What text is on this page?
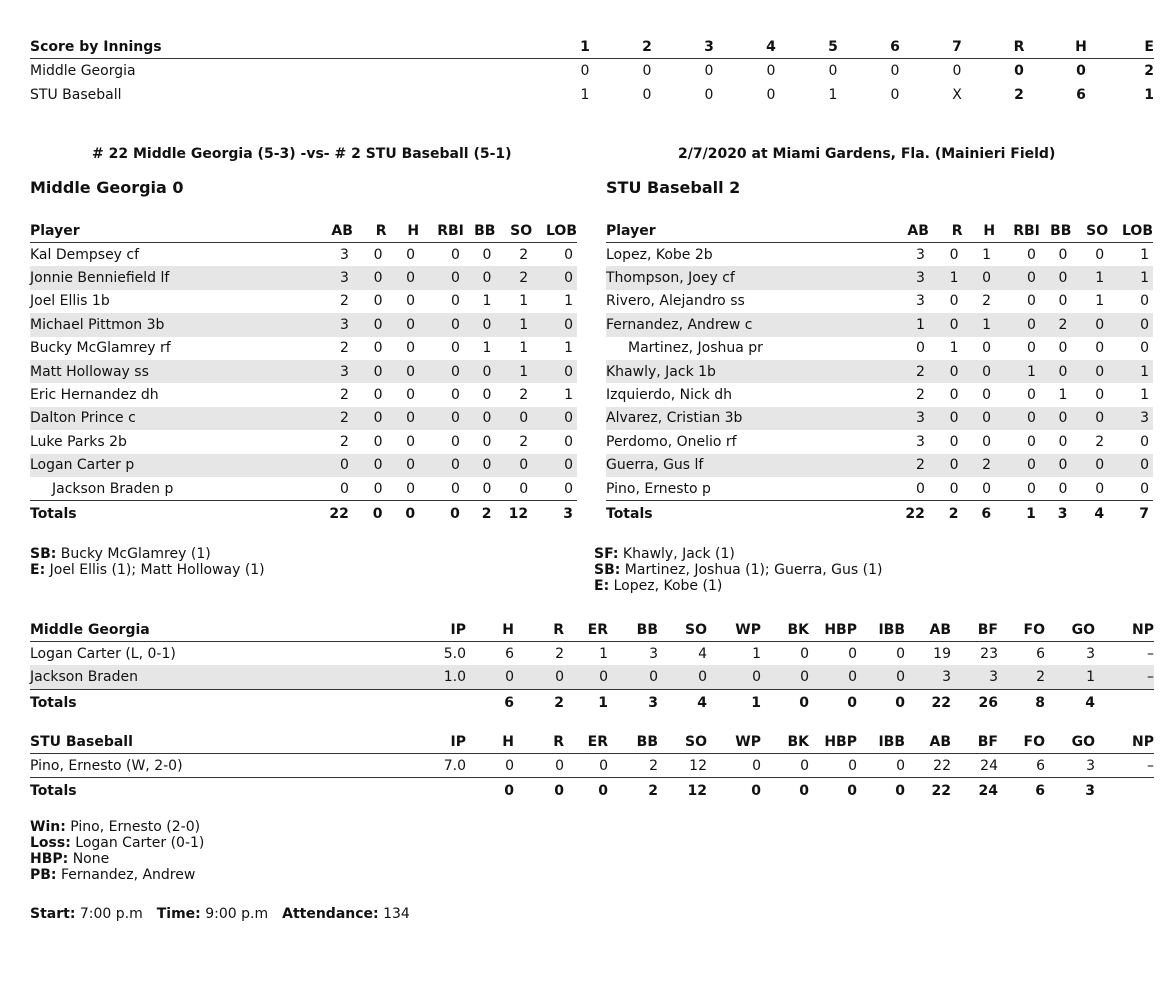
Score by Innings	1	2	3	4	5	6	7	R	H	E
Middle Georgia	0	0	0	0	0	0	0	0	0	2
STU Baseball	1	0	0	0	1	0	X	2	6	1
# 22 Middle Georgia (5-3) -vs- # 2 STU Baseball (5-1)	2/7/2020 at Miami Gardens, Fla. (Mainieri Field)
Middle Georgia 0	STU Baseball 2
Player	AB	R	H	RBI	BB	SO	LOB
Kal Dempsey cf	3	0	0	0	0	2	0
Jonnie Benniefield lf	3	0	0	0	0	2	0
Joel Ellis 1b	2	0	0	0	1	1	1
Michael Pittmon 3b	3	0	0	0	0	1	0
Bucky McGlamrey rf	2	0	0	0	1	1	1
Matt Holloway ss	3	0	0	0	0	1	0
Eric Hernandez dh	2	0	0	0	0	2	1
Dalton Prince c	2	0	0	0	0	0	0
Luke Parks 2b	2	0	0	0	0	2	0
Logan Carter p	0	0	0	0	0	0	0
Jackson Braden p	0	0	0	0	0	0	0
Totals	22	0	0	0	2	12	3
Player	AB	R	H	RBI	BB	SO	LOB
Lopez, Kobe 2b	3	0	1	0	0	0	1
Thompson, Joey cf	3	1	0	0	0	1	1
Rivero, Alejandro ss	3	0	2	0	0	1	0
Fernandez, Andrew c	1	0	1	0	2	0	0
Martinez, Joshua pr	0	1	0	0	0	0	0
Khawly, Jack 1b	2	0	0	1	0	0	1
Izquierdo, Nick dh	2	0	0	0	1	0	1
Alvarez, Cristian 3b	3	0	0	0	0	0	3
Perdomo, Onelio rf	3	0	0	0	0	2	0
Guerra, Gus lf	2	0	2	0	0	0	0
Pino, Ernesto p	0	0	0	0	0	0	0
Totals	22	2	6	1	3	4	7
SB: Bucky McGlamrey (1)
E: Joel Ellis (1); Matt Holloway (1)
SF: Khawly, Jack (1)
SB: Martinez, Joshua (1); Guerra, Gus (1)
E: Lopez, Kobe (1)
Middle Georgia	IP	H	R	ER	BB	SO	WP	BK	HBP	IBB	AB	BF	FO	GO	NP
Logan Carter (L, 0-1)	5.0	6	2	1	3	4	1	0	0	0	19	23	6	3	–
Jackson Braden	1.0	0	0	0	0	0	0	0	0	0	3	3	2	1	–
Totals		6	2	1	3	4	1	0	0	0	22	26	8	4	
STU Baseball	IP	H	R	ER	BB	SO	WP	BK	HBP	IBB	AB	BF	FO	GO	NP
Pino, Ernesto (W, 2-0)	7.0	0	0	0	2	12	0	0	0	0	22	24	6	3	–
Totals		0	0	0	2	12	0	0	0	0	22	24	6	3	
Win: Pino, Ernesto (2-0)
Loss: Logan Carter (0-1)
HBP: None
PB: Fernandez, Andrew
Start: 7:00 p.m Time: 9:00 p.m Attendance: 134
